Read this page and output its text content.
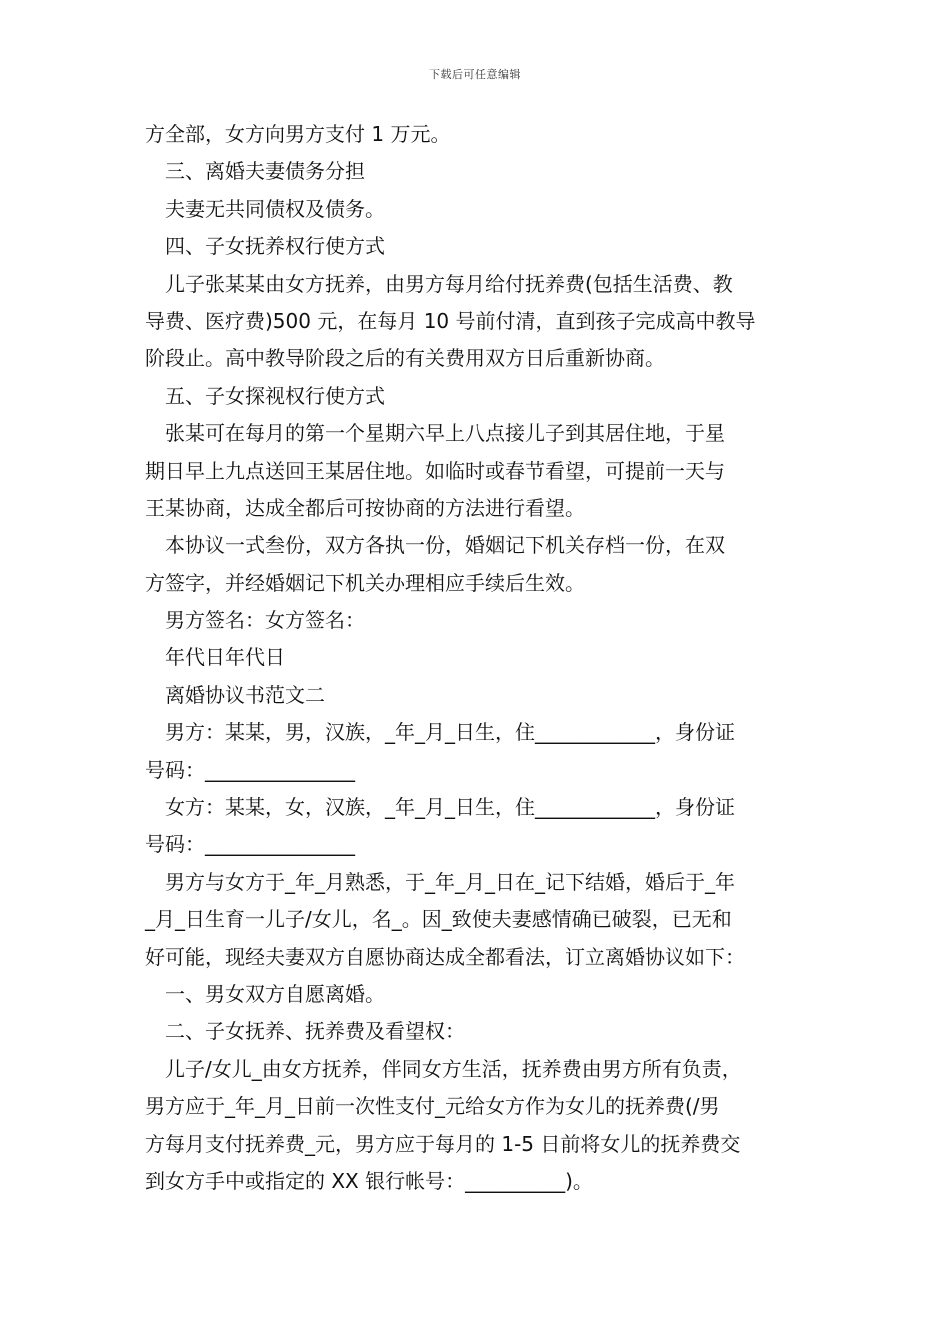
下载后可任意编辑
方全部，女方向男方支付 1 万元。
三、离婚夫妻债务分担
夫妻无共同债权及债务。
四、子女抚养权行使方式
儿子张某某由女方抚养，由男方每月给付抚养费(包括生活费、教
导费、医疗费)500 元，在每月 10 号前付清，直到孩子完成高中教导
阶段止。高中教导阶段之后的有关费用双方日后重新协商。
五、子女探视权行使方式
张某可在每月的第一个星期六早上八点接儿子到其居住地，于星
期日早上九点送回王某居住地。如临时或春节看望，可提前一天与
王某协商，达成全都后可按协商的方法进行看望。
本协议一式叁份，双方各执一份，婚姻记下机关存档一份，在双
方签字，并经婚姻记下机关办理相应手续后生效。
男方签名：女方签名：
年代日年代日
离婚协议书范文二
男方：某某，男，汉族，_年_月_日生，住____________，身份证
号码：_______________
女方：某某，女，汉族，_年_月_日生，住____________，身份证
号码：_______________
男方与女方于_年_月熟悉，于_年_月_日在_记下结婚，婚后于_年
_月_日生育一儿子/女儿，名_。因_致使夫妻感情确已破裂，已无和
好可能，现经夫妻双方自愿协商达成全都看法，订立离婚协议如下：
一、男女双方自愿离婚。
二、子女抚养、抚养费及看望权：
儿子/女儿_由女方抚养，伴同女方生活，抚养费由男方所有负责，
男方应于_年_月_日前一次性支付_元给女方作为女儿的抚养费(/男
方每月支付抚养费_元，男方应于每月的 1-5 日前将女儿的抚养费交
到女方手中或指定的 XX 银行帐号：__________)。
